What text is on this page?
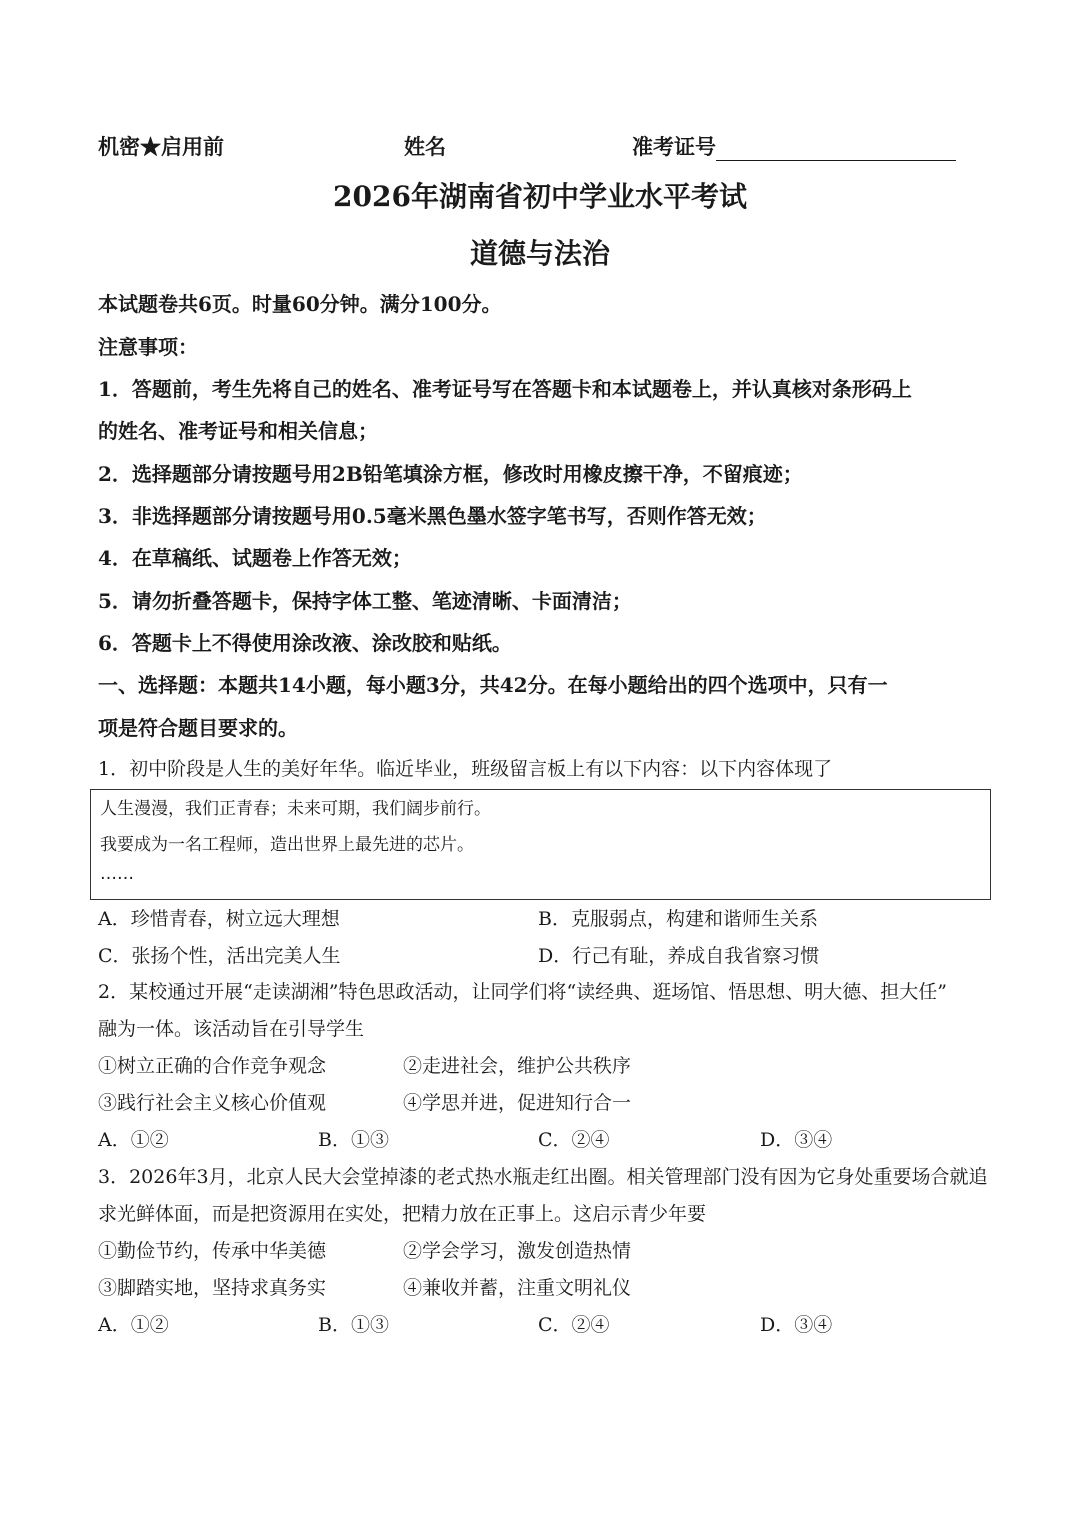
机密★启用前	姓名	准考证号
2026年湖南省初中学业水平考试
道德与法治
本试题卷共6页。时量60分钟。满分100分。
注意事项：
1．答题前，考生先将自己的姓名、准考证号写在答题卡和本试题卷上，并认真核对条形码上
的姓名、准考证号和相关信息；
2．选择题部分请按题号用2B铅笔填涂方框，修改时用橡皮擦干净，不留痕迹；
3．非选择题部分请按题号用0.5毫米黑色墨水签字笔书写，否则作答无效；
4．在草稿纸、试题卷上作答无效；
5．请勿折叠答题卡，保持字体工整、笔迹清晰、卡面清洁；
6．答题卡上不得使用涂改液、涂改胶和贴纸。
一、选择题：本题共14小题，每小题3分，共42分。在每小题给出的四个选项中，只有一
项是符合题目要求的。
1．初中阶段是人生的美好年华。临近毕业，班级留言板上有以下内容：以下内容体现了
人生漫漫，我们正青春；未来可期，我们阔步前行。
我要成为一名工程师，造出世界上最先进的芯片。
……
A．珍惜青春，树立远大理想	B．克服弱点，构建和谐师生关系
C．张扬个性，活出完美人生	D．行己有耻，养成自我省察习惯
2．某校通过开展“走读湖湘”特色思政活动，让同学们将“读经典、逛场馆、悟思想、明大德、担大任”
融为一体。该活动旨在引导学生
①树立正确的合作竞争观念	②走进社会，维护公共秩序
③践行社会主义核心价值观	④学思并进，促进知行合一
A．①②	B．①③	C．②④	D．③④
3．2026年3月，北京人民大会堂掉漆的老式热水瓶走红出圈。相关管理部门没有因为它身处重要场合就追
求光鲜体面，而是把资源用在实处，把精力放在正事上。这启示青少年要
①勤俭节约，传承中华美德	②学会学习，激发创造热情
③脚踏实地，坚持求真务实	④兼收并蓄，注重文明礼仪
A．①②	B．①③	C．②④	D．③④
